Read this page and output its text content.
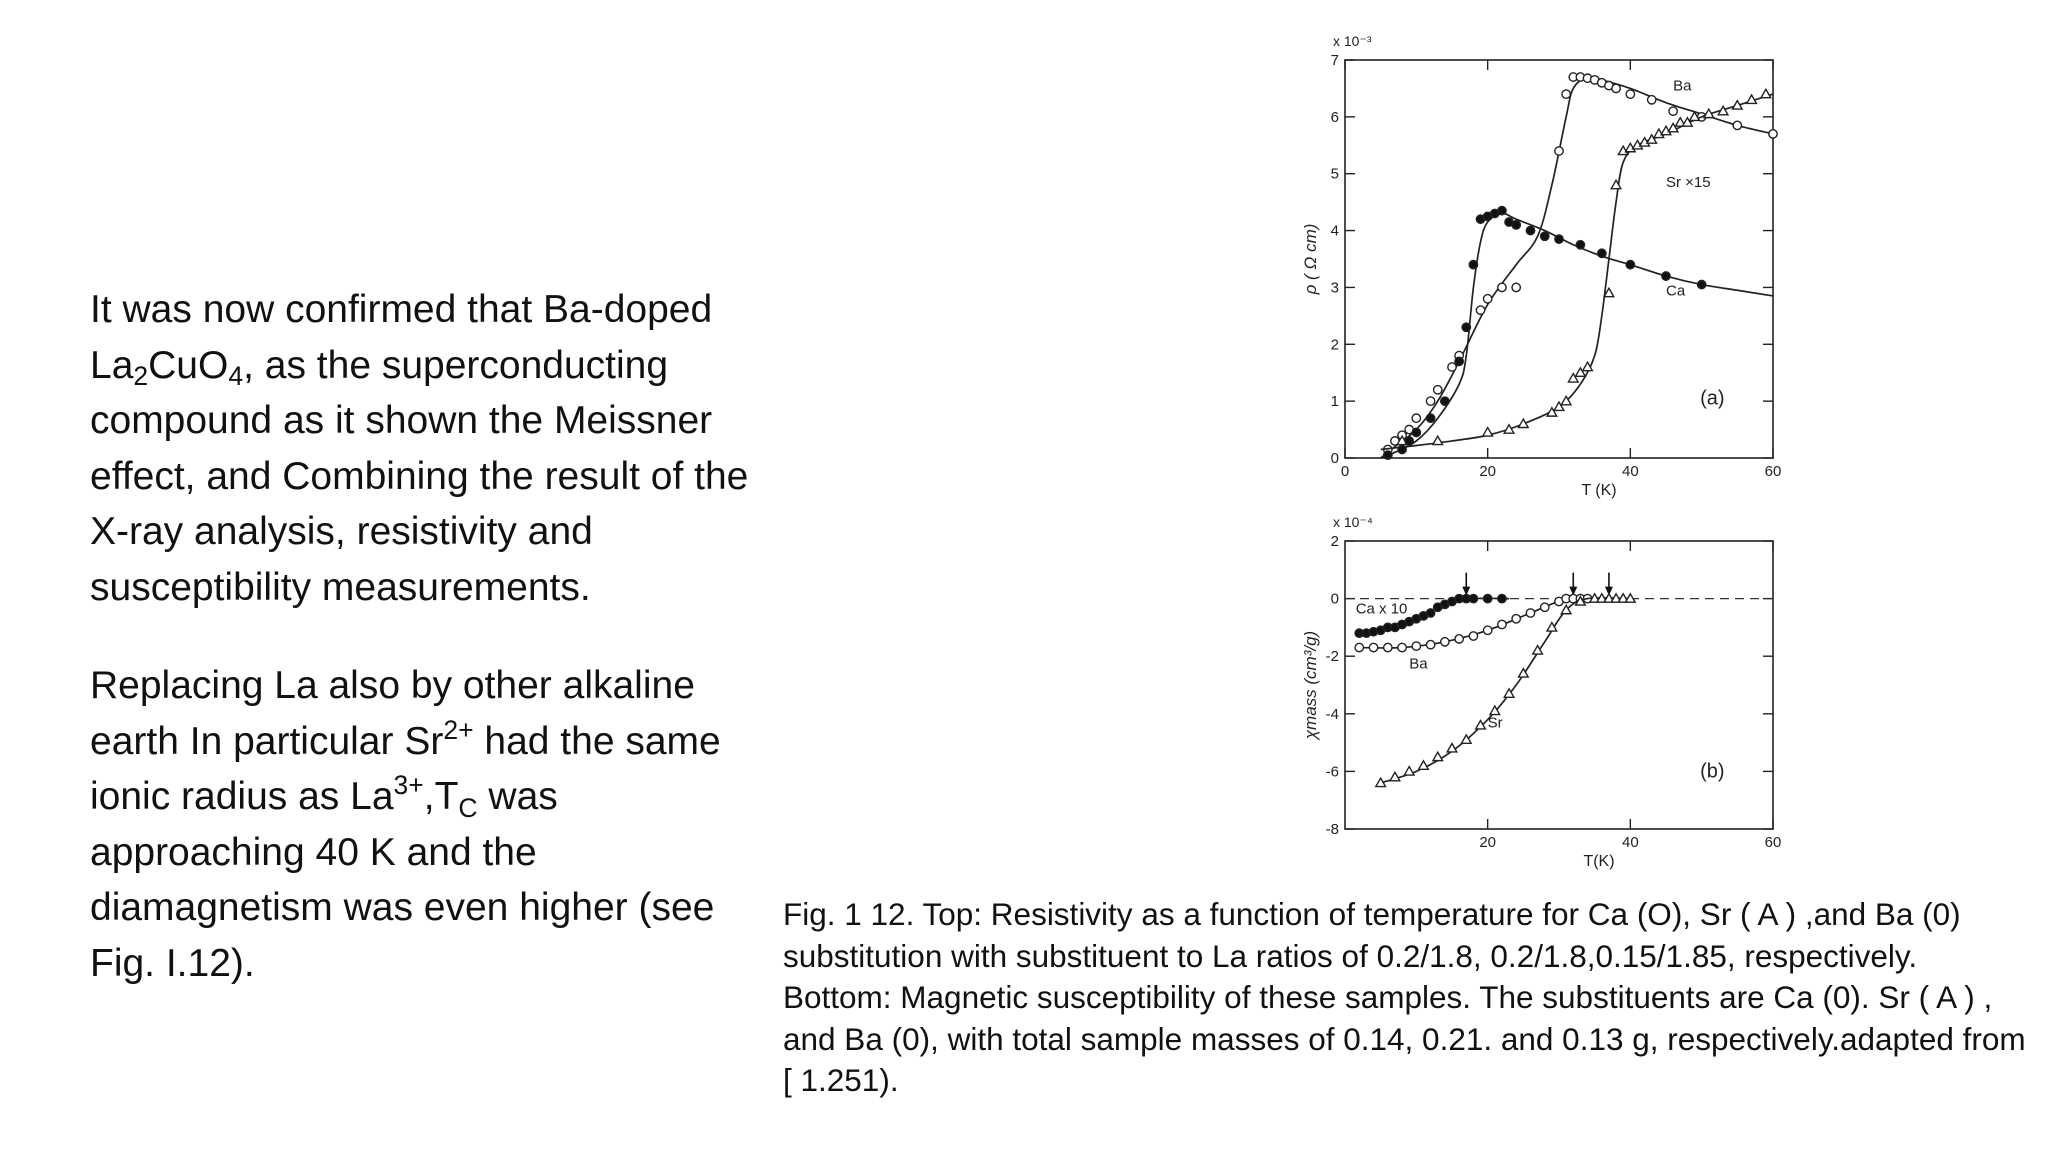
It was now confirmed that Ba-doped $La_2CuO_4$, as the superconducting compound as it shown the Meissner effect, and Combining the result of the X-ray analysis, resistivity and susceptibility measurements.

Replacing La also by other alkaline earth In particular $Sr^{2+}$ had the same ionic radius as $La^{3+},T_C$ was approaching 40 K and the diamagnetism was even higher (see Fig. I.12).

0	20	40	60
0
1
2
3
4
5
6
7
x 10⁻³
T (K)
ρ ( Ω cm)
(a)
Ba
Sr ×15
Ca
20	40	60
2
0
-2
-4
-6
-8
x 10⁻⁴
T(K)
χmass (cm³/g)
(b)
Ca x 10
Ba
Sr

Fig. 1 12. Top: Resistivity as a function of temperature for Ca (O), Sr ( A ) ,and Ba (0) substitution with substituent to La ratios of 0.2/1.8, 0.2/1.8,0.15/1.85, respectively. Bottom: Magnetic susceptibility of these samples. The substituents are Ca (0). Sr ( A ) , and Ba (0), with total sample masses of 0.14, 0.21. and 0.13 g, respectively.adapted from [ 1.251).
